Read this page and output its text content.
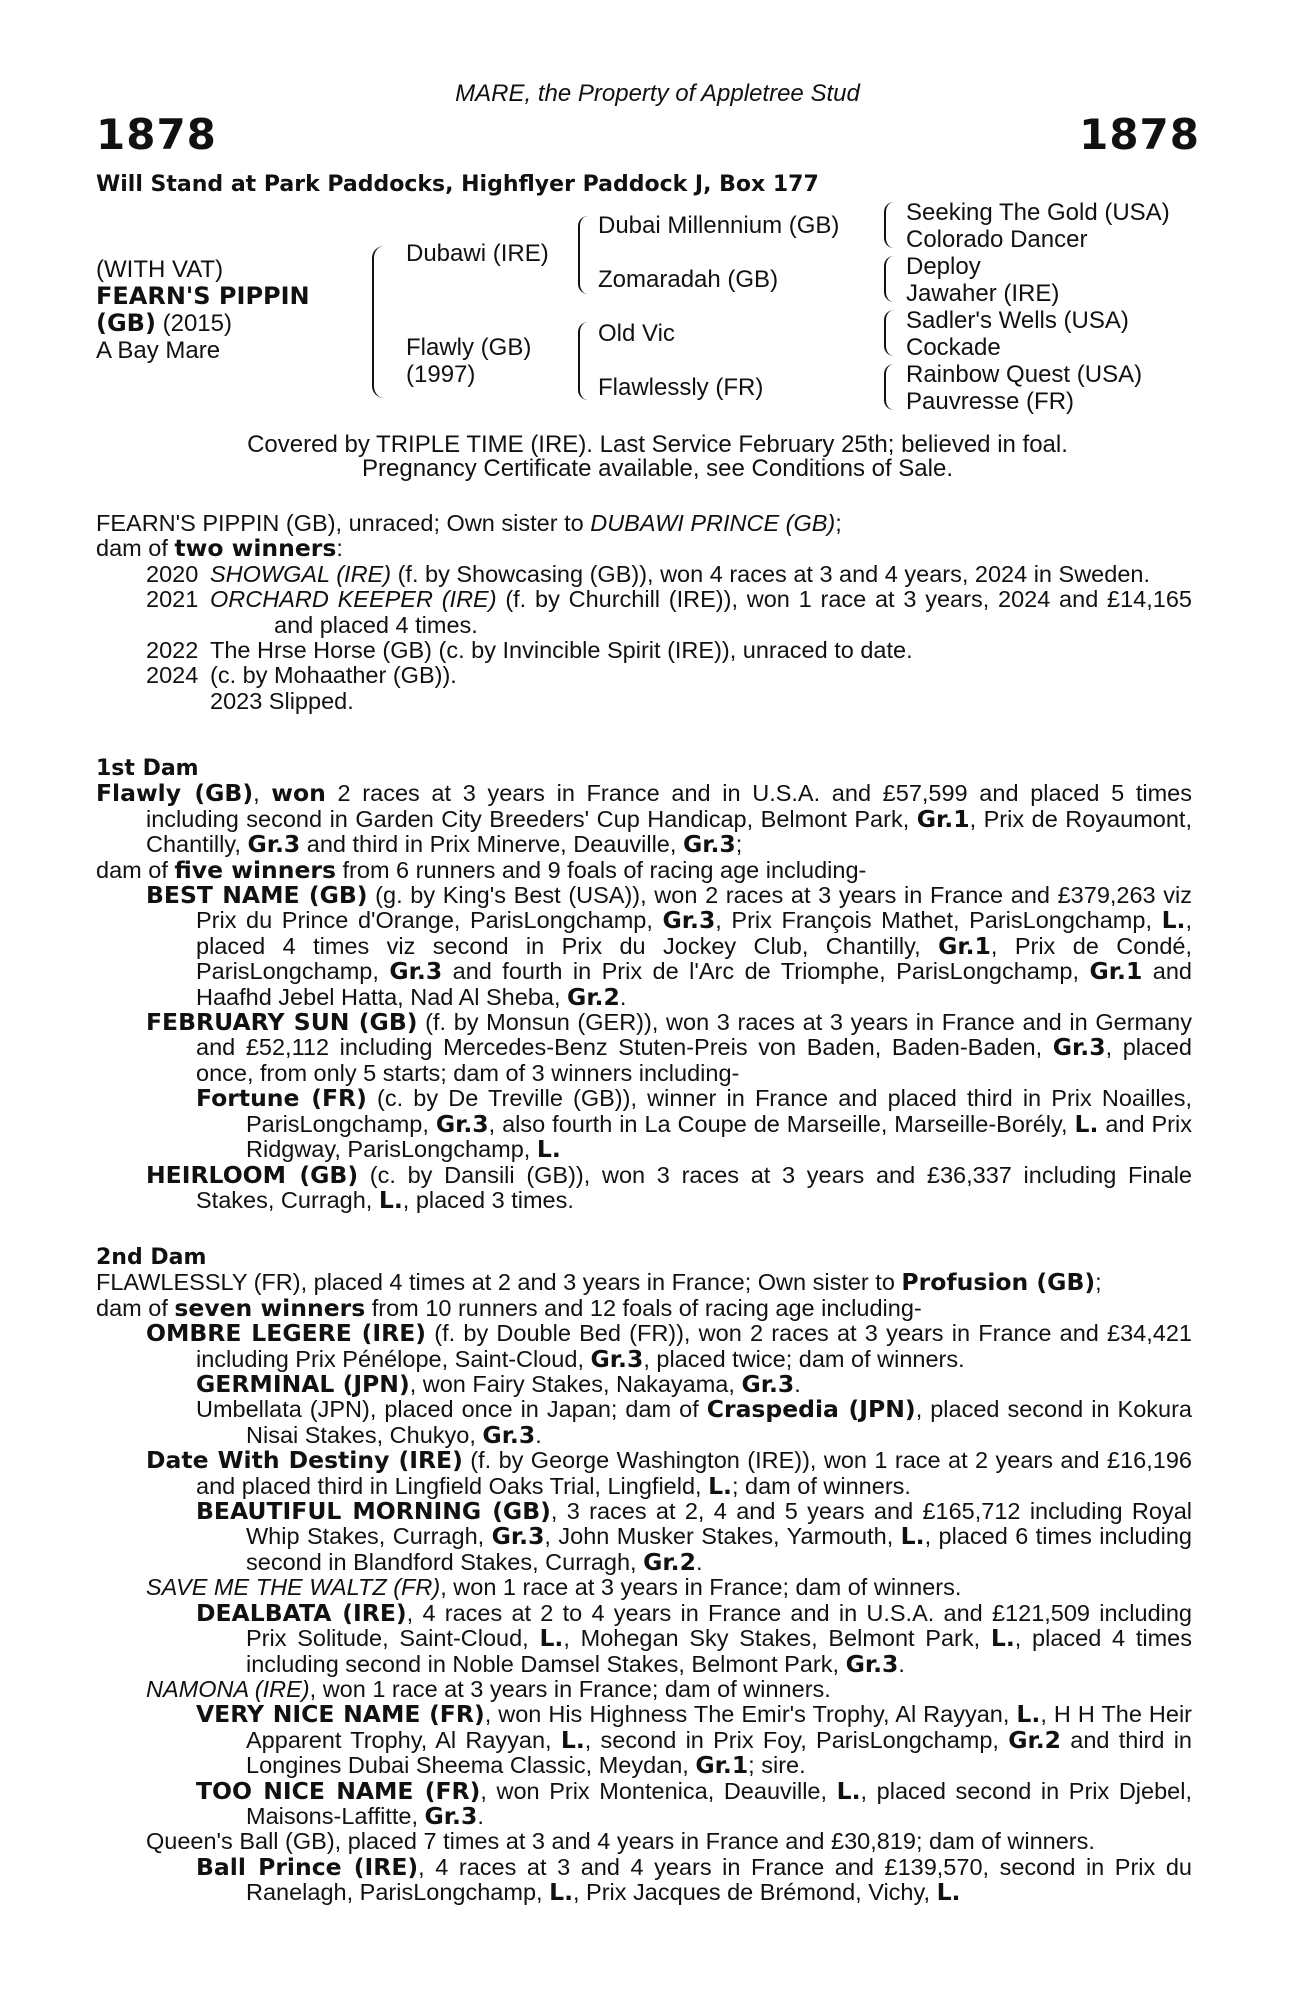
MARE, the Property of Appletree Stud
1878	1878
Will Stand at Park Paddocks, Highflyer Paddock J, Box 177
(WITH VAT)
FEARN'S PIPPIN
(GB) (2015)
A Bay Mare
Dubawi (IRE)
Flawly (GB)
(1997)
Dubai Millennium (GB)
Zomaradah (GB)
Old Vic
Flawlessly (FR)
Seeking The Gold (USA)
Colorado Dancer
Deploy
Jawaher (IRE)
Sadler's Wells (USA)
Cockade
Rainbow Quest (USA)
Pauvresse (FR)
Covered by TRIPLE TIME (IRE). Last Service February 25th; believed in foal.
Pregnancy Certificate available, see Conditions of Sale.

FEARN'S PIPPIN (GB), unraced; Own sister to DUBAWI PRINCE (GB);

dam of two winners:

2020 SHOWGAL (IRE) (f. by Showcasing (GB)), won 4 races at 3 and 4 years, 2024 in Sweden.
2021 ORCHARD KEEPER (IRE) (f. by Churchill (IRE)), won 1 race at 3 years, 2024 and £14,165 and placed 4 times.
2022 The Hrse Horse (GB) (c. by Invincible Spirit (IRE)), unraced to date.
2024 (c. by Mohaather (GB)).
2023 Slipped.
1st Dam

Flawly (GB), won 2 races at 3 years in France and in U.S.A. and £57,599 and placed 5 times including second in Garden City Breeders' Cup Handicap, Belmont Park, Gr.1, Prix de Royaumont, Chantilly, Gr.3 and third in Prix Minerve, Deauville, Gr.3;

dam of five winners from 6 runners and 9 foals of racing age including-

BEST NAME (GB) (g. by King's Best (USA)), won 2 races at 3 years in France and £379,263 viz Prix du Prince d'Orange, ParisLongchamp, Gr.3, Prix François Mathet, ParisLongchamp, L., placed 4 times viz second in Prix du Jockey Club, Chantilly, Gr.1, Prix de Condé, ParisLongchamp, Gr.3 and fourth in Prix de l'Arc de Triomphe, ParisLongchamp, Gr.1 and Haafhd Jebel Hatta, Nad Al Sheba, Gr.2.

FEBRUARY SUN (GB) (f. by Monsun (GER)), won 3 races at 3 years in France and in Germany and £52,112 including Mercedes-Benz Stuten-Preis von Baden, Baden-Baden, Gr.3, placed once, from only 5 starts; dam of 3 winners including-

Fortune (FR) (c. by De Treville (GB)), winner in France and placed third in Prix Noailles, ParisLongchamp, Gr.3, also fourth in La Coupe de Marseille, Marseille-Borély, L. and Prix Ridgway, ParisLongchamp, L.

HEIRLOOM (GB) (c. by Dansili (GB)), won 3 races at 3 years and £36,337 including Finale Stakes, Curragh, L., placed 3 times.

2nd Dam

FLAWLESSLY (FR), placed 4 times at 2 and 3 years in France; Own sister to Profusion (GB);

dam of seven winners from 10 runners and 12 foals of racing age including-

OMBRE LEGERE (IRE) (f. by Double Bed (FR)), won 2 races at 3 years in France and £34,421 including Prix Pénélope, Saint-Cloud, Gr.3, placed twice; dam of winners.

GERMINAL (JPN), won Fairy Stakes, Nakayama, Gr.3.

Umbellata (JPN), placed once in Japan; dam of Craspedia (JPN), placed second in Kokura Nisai Stakes, Chukyo, Gr.3.

Date With Destiny (IRE) (f. by George Washington (IRE)), won 1 race at 2 years and £16,196 and placed third in Lingfield Oaks Trial, Lingfield, L.; dam of winners.

BEAUTIFUL MORNING (GB), 3 races at 2, 4 and 5 years and £165,712 including Royal Whip Stakes, Curragh, Gr.3, John Musker Stakes, Yarmouth, L., placed 6 times including second in Blandford Stakes, Curragh, Gr.2.

SAVE ME THE WALTZ (FR), won 1 race at 3 years in France; dam of winners.

DEALBATA (IRE), 4 races at 2 to 4 years in France and in U.S.A. and £121,509 including Prix Solitude, Saint-Cloud, L., Mohegan Sky Stakes, Belmont Park, L., placed 4 times including second in Noble Damsel Stakes, Belmont Park, Gr.3.

NAMONA (IRE), won 1 race at 3 years in France; dam of winners.

VERY NICE NAME (FR), won His Highness The Emir's Trophy, Al Rayyan, L., H H The Heir Apparent Trophy, Al Rayyan, L., second in Prix Foy, ParisLongchamp, Gr.2 and third in Longines Dubai Sheema Classic, Meydan, Gr.1; sire.

TOO NICE NAME (FR), won Prix Montenica, Deauville, L., placed second in Prix Djebel, Maisons-Laffitte, Gr.3.

Queen's Ball (GB), placed 7 times at 3 and 4 years in France and £30,819; dam of winners.

Ball Prince (IRE), 4 races at 3 and 4 years in France and £139,570, second in Prix du Ranelagh, ParisLongchamp, L., Prix Jacques de Brémond, Vichy, L.
